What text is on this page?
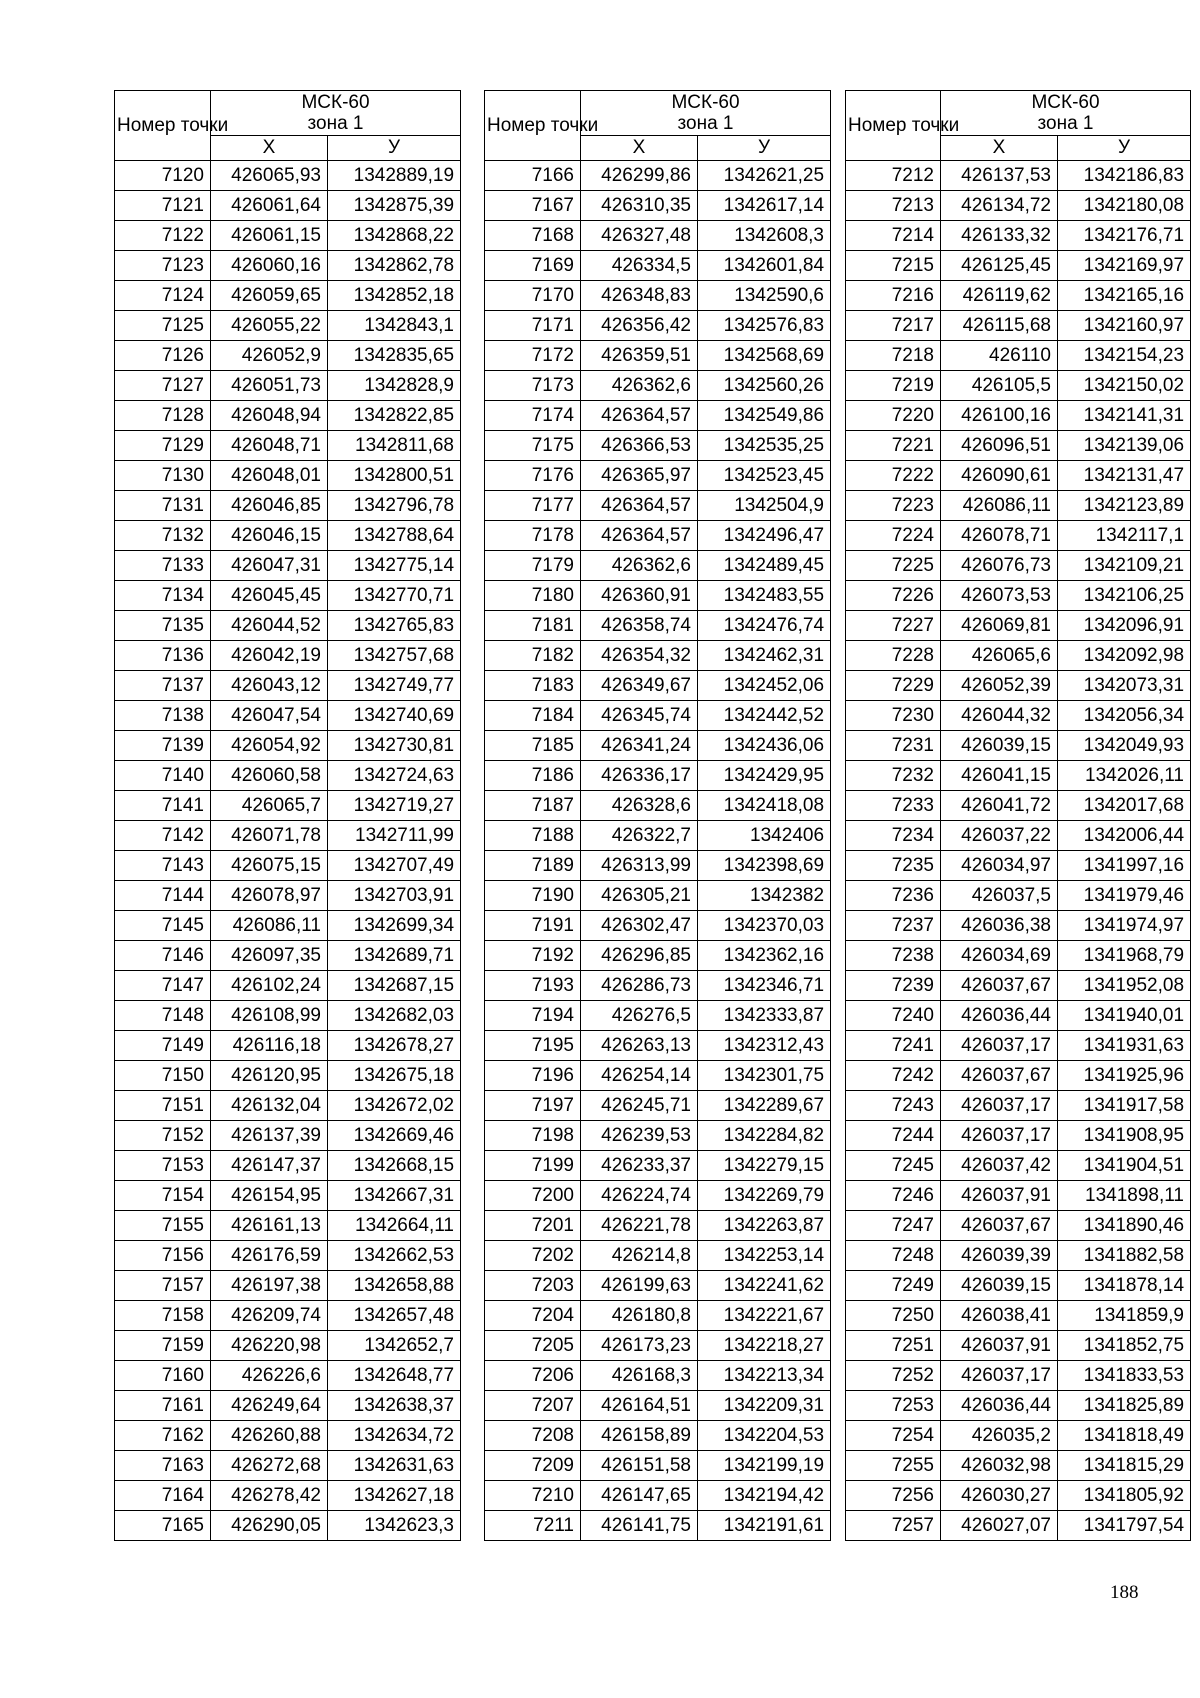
Номер точки	МСК-60
зона 1	

	Х	У
7120	426065,93	1342889,19
7121	426061,64	1342875,39
7122	426061,15	1342868,22
7123	426060,16	1342862,78
7124	426059,65	1342852,18
7125	426055,22	1342843,1
7126	426052,9	1342835,65
7127	426051,73	1342828,9
7128	426048,94	1342822,85
7129	426048,71	1342811,68
7130	426048,01	1342800,51
7131	426046,85	1342796,78
7132	426046,15	1342788,64
7133	426047,31	1342775,14
7134	426045,45	1342770,71
7135	426044,52	1342765,83
7136	426042,19	1342757,68
7137	426043,12	1342749,77
7138	426047,54	1342740,69
7139	426054,92	1342730,81
7140	426060,58	1342724,63
7141	426065,7	1342719,27
7142	426071,78	1342711,99
7143	426075,15	1342707,49
7144	426078,97	1342703,91
7145	426086,11	1342699,34
7146	426097,35	1342689,71
7147	426102,24	1342687,15
7148	426108,99	1342682,03
7149	426116,18	1342678,27
7150	426120,95	1342675,18
7151	426132,04	1342672,02
7152	426137,39	1342669,46
7153	426147,37	1342668,15
7154	426154,95	1342667,31
7155	426161,13	1342664,11
7156	426176,59	1342662,53
7157	426197,38	1342658,88
7158	426209,74	1342657,48
7159	426220,98	1342652,7
7160	426226,6	1342648,77
7161	426249,64	1342638,37
7162	426260,88	1342634,72
7163	426272,68	1342631,63
7164	426278,42	1342627,18
7165	426290,05	1342623,3
Номер точки	МСК-60
зона 1	

	Х	У
7166	426299,86	1342621,25
7167	426310,35	1342617,14
7168	426327,48	1342608,3
7169	426334,5	1342601,84
7170	426348,83	1342590,6
7171	426356,42	1342576,83
7172	426359,51	1342568,69
7173	426362,6	1342560,26
7174	426364,57	1342549,86
7175	426366,53	1342535,25
7176	426365,97	1342523,45
7177	426364,57	1342504,9
7178	426364,57	1342496,47
7179	426362,6	1342489,45
7180	426360,91	1342483,55
7181	426358,74	1342476,74
7182	426354,32	1342462,31
7183	426349,67	1342452,06
7184	426345,74	1342442,52
7185	426341,24	1342436,06
7186	426336,17	1342429,95
7187	426328,6	1342418,08
7188	426322,7	1342406
7189	426313,99	1342398,69
7190	426305,21	1342382
7191	426302,47	1342370,03
7192	426296,85	1342362,16
7193	426286,73	1342346,71
7194	426276,5	1342333,87
7195	426263,13	1342312,43
7196	426254,14	1342301,75
7197	426245,71	1342289,67
7198	426239,53	1342284,82
7199	426233,37	1342279,15
7200	426224,74	1342269,79
7201	426221,78	1342263,87
7202	426214,8	1342253,14
7203	426199,63	1342241,62
7204	426180,8	1342221,67
7205	426173,23	1342218,27
7206	426168,3	1342213,34
7207	426164,51	1342209,31
7208	426158,89	1342204,53
7209	426151,58	1342199,19
7210	426147,65	1342194,42
7211	426141,75	1342191,61
Номер точки	МСК-60
зона 1	

	Х	У
7212	426137,53	1342186,83
7213	426134,72	1342180,08
7214	426133,32	1342176,71
7215	426125,45	1342169,97
7216	426119,62	1342165,16
7217	426115,68	1342160,97
7218	426110	1342154,23
7219	426105,5	1342150,02
7220	426100,16	1342141,31
7221	426096,51	1342139,06
7222	426090,61	1342131,47
7223	426086,11	1342123,89
7224	426078,71	1342117,1
7225	426076,73	1342109,21
7226	426073,53	1342106,25
7227	426069,81	1342096,91
7228	426065,6	1342092,98
7229	426052,39	1342073,31
7230	426044,32	1342056,34
7231	426039,15	1342049,93
7232	426041,15	1342026,11
7233	426041,72	1342017,68
7234	426037,22	1342006,44
7235	426034,97	1341997,16
7236	426037,5	1341979,46
7237	426036,38	1341974,97
7238	426034,69	1341968,79
7239	426037,67	1341952,08
7240	426036,44	1341940,01
7241	426037,17	1341931,63
7242	426037,67	1341925,96
7243	426037,17	1341917,58
7244	426037,17	1341908,95
7245	426037,42	1341904,51
7246	426037,91	1341898,11
7247	426037,67	1341890,46
7248	426039,39	1341882,58
7249	426039,15	1341878,14
7250	426038,41	1341859,9
7251	426037,91	1341852,75
7252	426037,17	1341833,53
7253	426036,44	1341825,89
7254	426035,2	1341818,49
7255	426032,98	1341815,29
7256	426030,27	1341805,92
7257	426027,07	1341797,54
188
